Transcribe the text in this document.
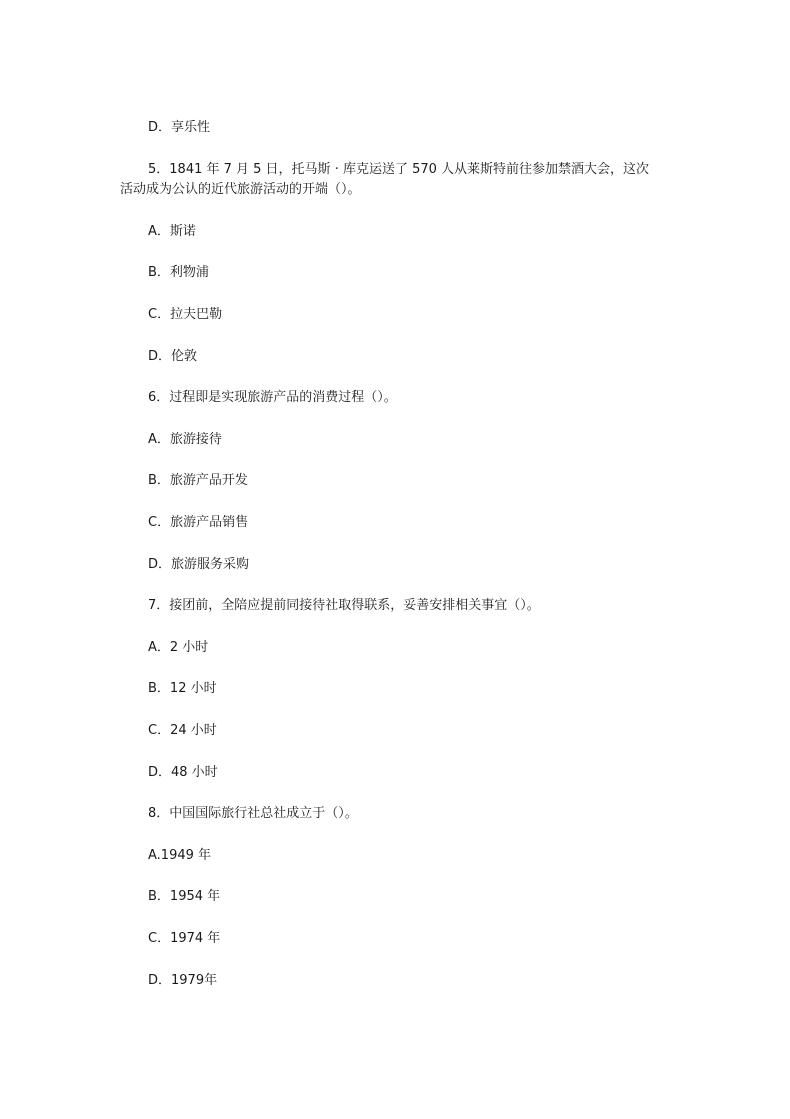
D．享乐性
5．1841 年 7 月 5 日，托马斯 · 库克运送了 570 人从莱斯特前往参加禁酒大会，这次
活动成为公认的近代旅游活动的开端（）。
A．斯诺
B．利物浦
C．拉夫巴勒
D．伦敦
6．过程即是实现旅游产品的消费过程（）。
A．旅游接待
B．旅游产品开发
C．旅游产品销售
D．旅游服务采购
7．接团前，全陪应提前同接待社取得联系，妥善安排相关事宜（）。
A．2 小时
B．12 小时
C．24 小时
D．48 小时
8．中国国际旅行社总社成立于（）。
A.1949 年
B．1954 年
C．1974 年
D．1979年
